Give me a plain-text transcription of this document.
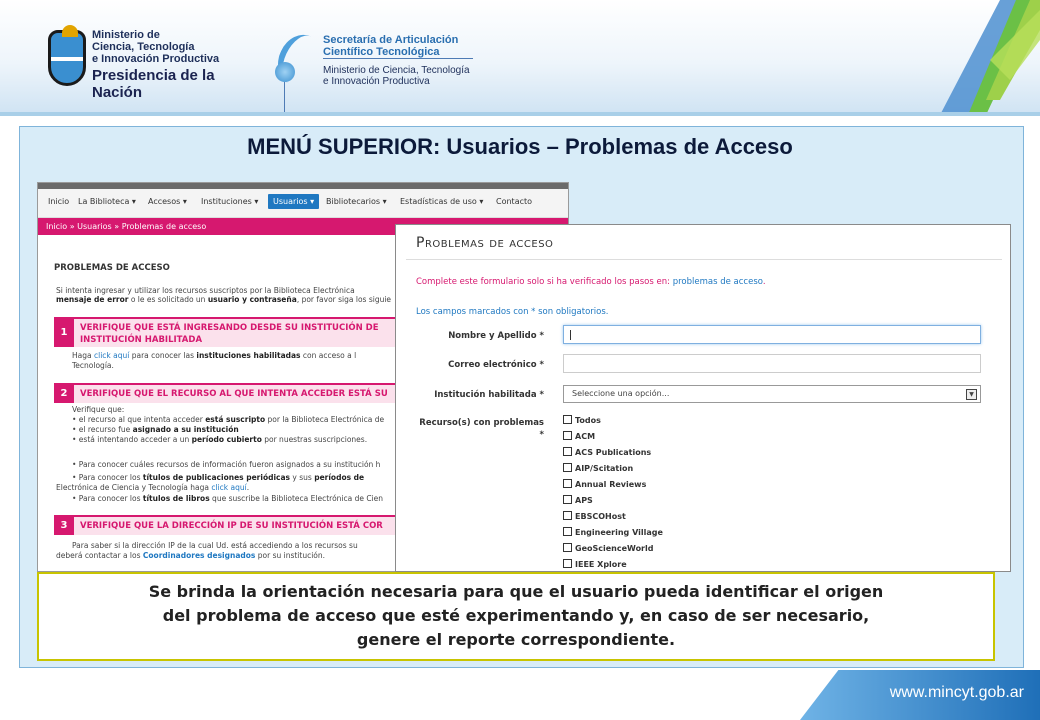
Ministerio de
Ciencia, Tecnología
e Innovación Productiva
Presidencia de la Nación
Secretaría de Articulación
Científico Tecnológica
Ministerio de Ciencia, Tecnología
e Innovación Productiva
MENÚ SUPERIOR: Usuarios – Problemas de Acceso
Inicio La Biblioteca ▾ Accesos ▾ Instituciones ▾	Usuarios ▾	Bibliotecarios ▾ Estadísticas de uso ▾ Contacto
Inicio » Usuarios » Problemas de acceso
PROBLEMAS DE ACCESO
Si intenta ingresar y utilizar los recursos suscriptos por la Biblioteca Electrónica
mensaje de error o le es solicitado un usuario y contraseña, por favor siga los siguie
1	VERIFIQUE QUE ESTÁ INGRESANDO DESDE SU INSTITUCIÓN DE
INSTITUCIÓN HABILITADA
Haga click aquí para conocer las instituciones habilitadas con acceso a l
Tecnología.
2	VERIFIQUE QUE EL RECURSO AL QUE INTENTA ACCEDER ESTÁ SU
Verifique que:
• el recurso al que intenta acceder está suscripto por la Biblioteca Electrónica de
• el recurso fue asignado a su institución
• está intentando acceder a un período cubierto por nuestras suscripciones.
• Para conocer cuáles recursos de información fueron asignados a su institución h
• Para conocer los títulos de publicaciones periódicas y sus períodos de
Electrónica de Ciencia y Tecnología haga click aquí.
• Para conocer los títulos de libros que suscribe la Biblioteca Electrónica de Cien
3	VERIFIQUE QUE LA DIRECCIÓN IP DE SU INSTITUCIÓN ESTÁ COR
Para saber si la dirección IP de la cual Ud. está accediendo a los recursos su
deberá contactar a los Coordinadores designados por su institución.
Problemas de acceso
Complete este formulario solo si ha verificado los pasos en: problemas de acceso.
Los campos marcados con * son obligatorios.
Nombre y Apellido *
Correo electrónico *
Institución habilitada *	Seleccione una opción...	▼
Recurso(s) con problemas
*
Todos
ACM
ACS Publications
AIP/Scitation
Annual Reviews
APS
EBSCOHost
Engineering Village
GeoScienceWorld
IEEE Xplore
Se brinda la orientación necesaria para que el usuario pueda identificar el origen
del problema de acceso que esté experimentando y, en caso de ser necesario,
genere el reporte correspondiente.
www.mincyt.gob.ar
